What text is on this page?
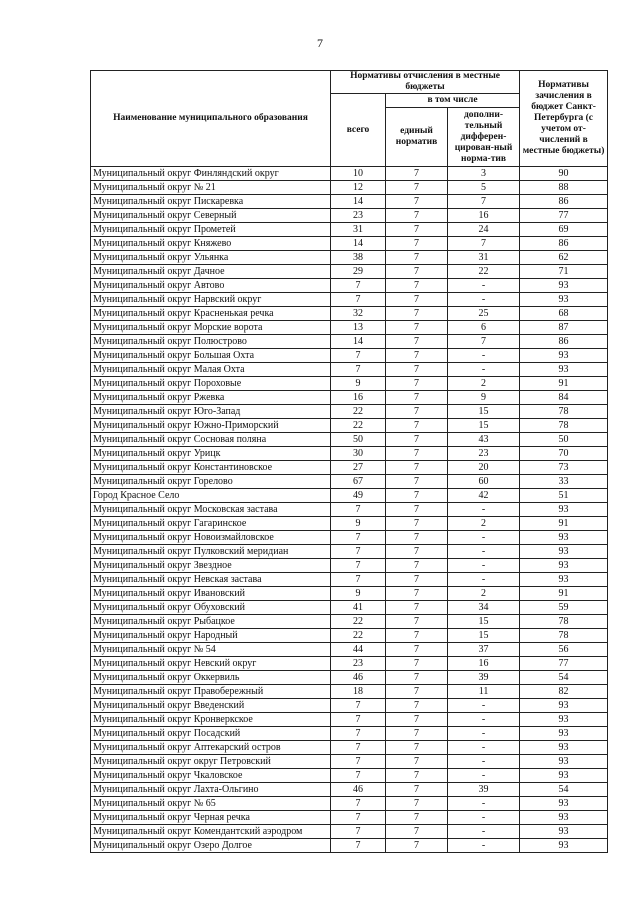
7
Наименование муниципального образования	Нормативы отчисления в местные бюджеты			Нормативы зачисления в бюджет Санкт-Петербурга (с учетом от-числений в местные бюджеты)
	всего	в том числе		
		единый норматив	дополни-тельный дифферен-цирован-ный норма-тив	
Муниципальный округ Финляндский округ	10	7	3	90
Муниципальный округ № 21	12	7	5	88
Муниципальный округ Пискаревка	14	7	7	86
Муниципальный округ Северный	23	7	16	77
Муниципальный округ Прометей	31	7	24	69
Муниципальный округ Княжево	14	7	7	86
Муниципальный округ Ульянка	38	7	31	62
Муниципальный округ Дачное	29	7	22	71
Муниципальный округ Автово	7	7	-	93
Муниципальный округ Нарвский округ	7	7	-	93
Муниципальный округ Красненькая речка	32	7	25	68
Муниципальный округ Морские ворота	13	7	6	87
Муниципальный округ Полюстрово	14	7	7	86
Муниципальный округ Большая Охта	7	7	-	93
Муниципальный округ Малая Охта	7	7	-	93
Муниципальный округ Пороховые	9	7	2	91
Муниципальный округ Ржевка	16	7	9	84
Муниципальный округ Юго-Запад	22	7	15	78
Муниципальный округ Южно-Приморский	22	7	15	78
Муниципальный округ Сосновая поляна	50	7	43	50
Муниципальный округ Урицк	30	7	23	70
Муниципальный округ Константиновское	27	7	20	73
Муниципальный округ Горелово	67	7	60	33
Город Красное Село	49	7	42	51
Муниципальный округ Московская застава	7	7	-	93
Муниципальный округ Гагаринское	9	7	2	91
Муниципальный округ Новоизмайловское	7	7	-	93
Муниципальный округ Пулковский меридиан	7	7	-	93
Муниципальный округ Звездное	7	7	-	93
Муниципальный округ Невская застава	7	7	-	93
Муниципальный округ Ивановский	9	7	2	91
Муниципальный округ Обуховский	41	7	34	59
Муниципальный округ Рыбацкое	22	7	15	78
Муниципальный округ Народный	22	7	15	78
Муниципальный округ № 54	44	7	37	56
Муниципальный округ Невский округ	23	7	16	77
Муниципальный округ Оккервиль	46	7	39	54
Муниципальный округ Правобережный	18	7	11	82
Муниципальный округ Введенский	7	7	-	93
Муниципальный округ Кронверкское	7	7	-	93
Муниципальный округ Посадский	7	7	-	93
Муниципальный округ Аптекарский остров	7	7	-	93
Муниципальный округ округ Петровский	7	7	-	93
Муниципальный округ Чкаловское	7	7	-	93
Муниципальный округ Лахта-Ольгино	46	7	39	54
Муниципальный округ № 65	7	7	-	93
Муниципальный округ Черная речка	7	7	-	93
Муниципальный округ Комендантский аэродром	7	7	-	93
Муниципальный округ Озеро Долгое	7	7	-	93
